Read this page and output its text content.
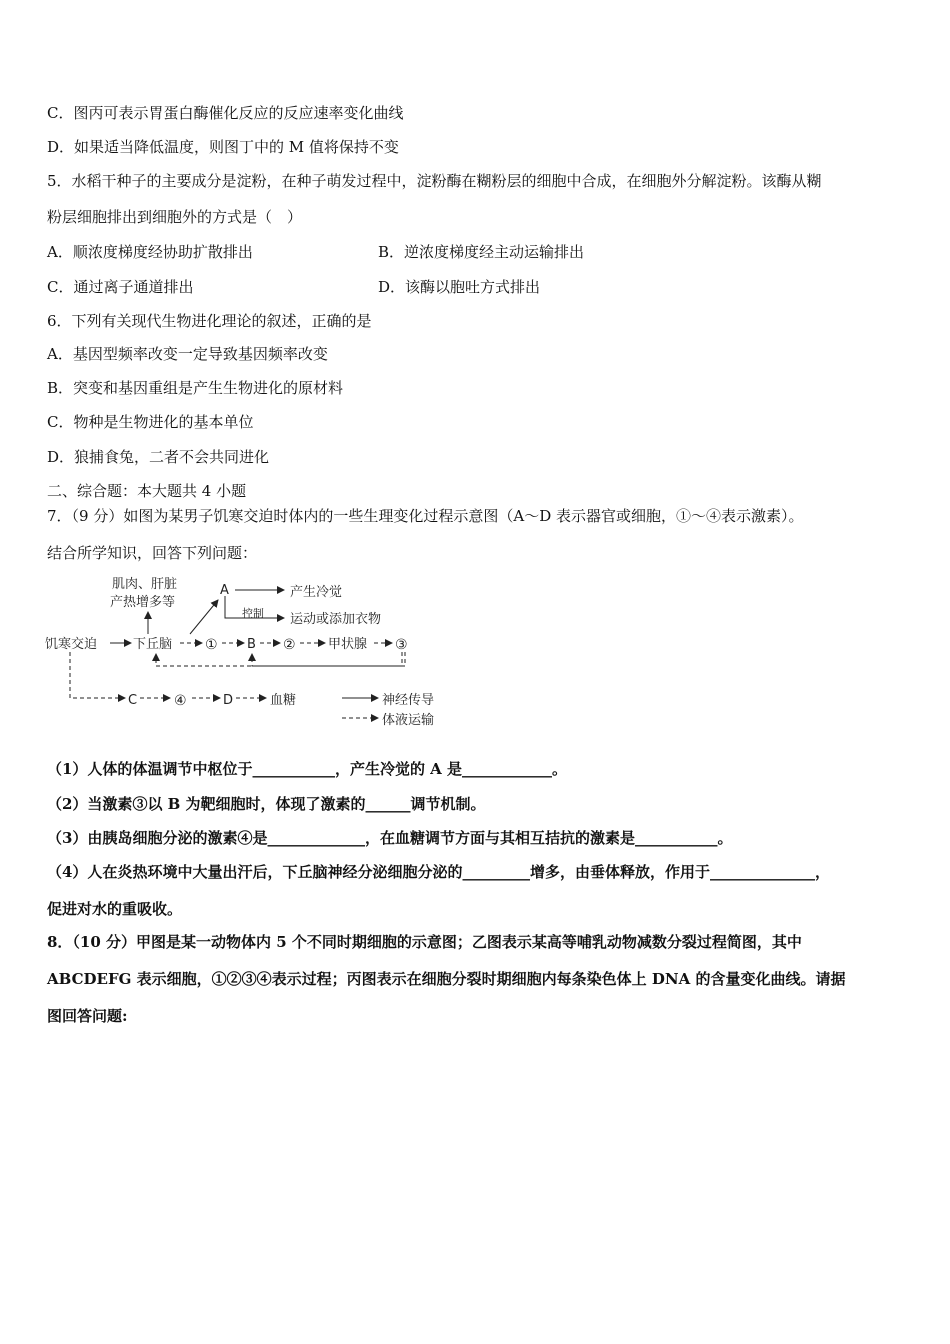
C．图丙可表示胃蛋白酶催化反应的反应速率变化曲线
D．如果适当降低温度，则图丁中的 M 值将保持不变
5．水稻干种子的主要成分是淀粉，在种子萌发过程中，淀粉酶在糊粉层的细胞中合成，在细胞外分解淀粉。该酶从糊
粉层细胞排出到细胞外的方式是（　）
A．顺浓度梯度经协助扩散排出	B．逆浓度梯度经主动运输排出
C．通过离子通道排出	D．该酶以胞吐方式排出
6．下列有关现代生物进化理论的叙述，正确的是
A．基因型频率改变一定导致基因频率改变
B．突变和基因重组是产生生物进化的原材料
C．物种是生物进化的基本单位
D．狼捕食兔，二者不会共同进化
二、综合题：本大题共 4 小题
7．（9 分）如图为某男子饥寒交迫时体内的一些生理变化过程示意图（A～D 表示器官或细胞，①～④表示激素）。
结合所学知识，回答下列问题：
肌肉、肝脏
产热增多等
A	产生冷觉
控制 运动或添加衣物
饥寒交迫	下丘脑 ① B ② 甲状腺 ③
C	④	D	血糖	神经传导
体液运输
（1）人体的体温调节中枢位于___________，产生冷觉的 A 是____________。
（2）当激素③以 B 为靶细胞时，体现了激素的______调节机制。
（3）由胰岛细胞分泌的激素④是_____________，在血糖调节方面与其相互拮抗的激素是___________。
（4）人在炎热环境中大量出汗后，下丘脑神经分泌细胞分泌的_________增多，由垂体释放，作用于______________，
促进对水的重吸收。
8．（10 分）甲图是某一动物体内 5 个不同时期细胞的示意图；乙图表示某高等哺乳动物减数分裂过程简图，其中
ABCDEFG 表示细胞，①②③④表示过程；丙图表示在细胞分裂时期细胞内每条染色体上 DNA 的含量变化曲线。请据
图回答问题:
